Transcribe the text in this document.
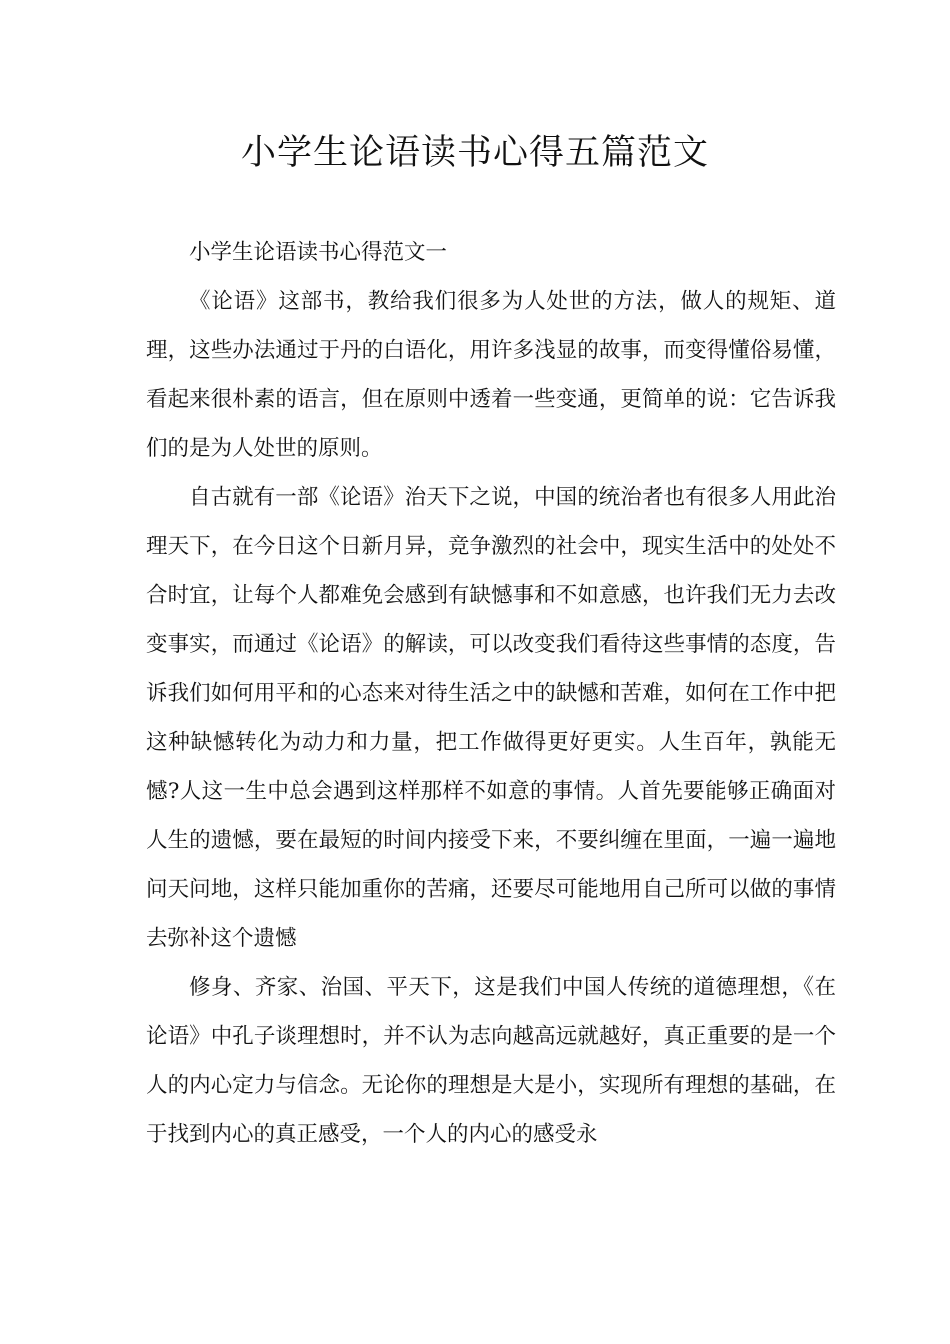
小学生论语读书心得五篇范文

小学生论语读书心得范文一

《论语》这部书，教给我们很多为人处世的方法，做人的规矩、道理，这些办法通过于丹的白语化，用许多浅显的故事，而变得懂俗易懂，看起来很朴素的语言，但在原则中透着一些变通，更简单的说：它告诉我们的是为人处世的原则。

自古就有一部《论语》治天下之说，中国的统治者也有很多人用此治理天下，在今日这个日新月异，竞争激烈的社会中，现实生活中的处处不合时宜，让每个人都难免会感到有缺憾事和不如意感，也许我们无力去改变事实，而通过《论语》的解读，可以改变我们看待这些事情的态度，告诉我们如何用平和的心态来对待生活之中的缺憾和苦难，如何在工作中把这种缺憾转化为动力和力量，把工作做得更好更实。人生百年，孰能无憾?人这一生中总会遇到这样那样不如意的事情。人首先要能够正确面对人生的遗憾，要在最短的时间内接受下来，不要纠缠在里面，一遍一遍地问天问地，这样只能加重你的苦痛，还要尽可能地用自己所可以做的事情去弥补这个遗憾

修身、齐家、治国、平天下，这是我们中国人传统的道德理想，《在论语》中孔子谈理想时，并不认为志向越高远就越好，真正重要的是一个人的内心定力与信念。无论你的理想是大是小，实现所有理想的基础，在于找到内心的真正感受，一个人的内心的感受永
